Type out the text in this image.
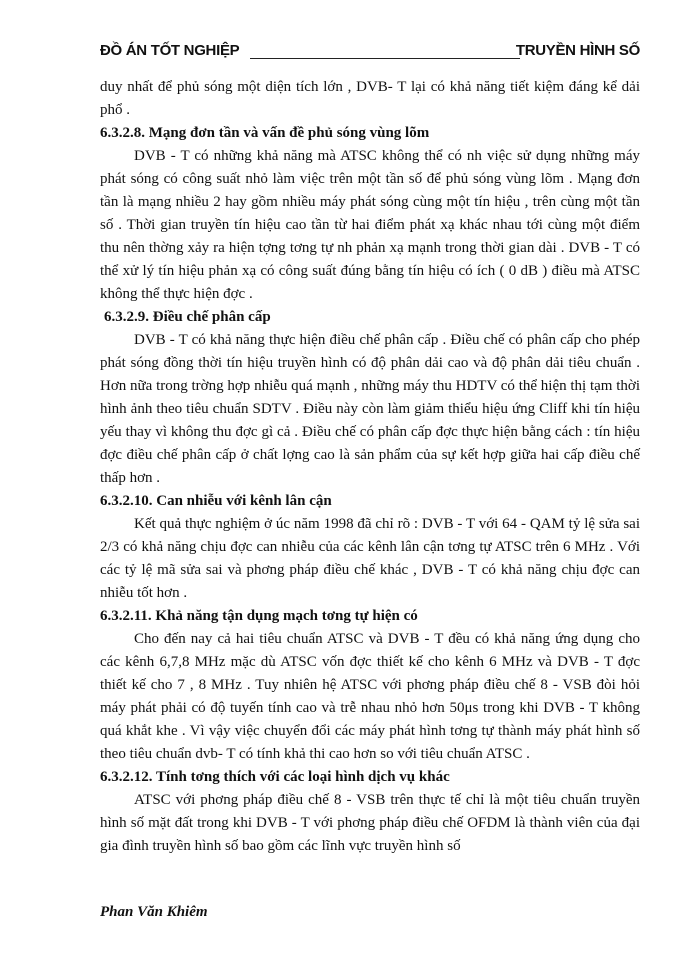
ĐỒ ÁN TỐT NGHIỆP	TRUYỀN HÌNH SỐ

duy nhất để phủ sóng một diện tích lớn , DVB- T lại có khả năng tiết kiệm đáng kể dải phổ .

6.3.2.8. Mạng đơn tần và vấn đề phủ sóng vùng lõm

DVB - T có những khả năng mà ATSC không thể có nh việc sử dụng những máy phát sóng có công suất nhỏ làm việc trên một tần số để phủ sóng vùng lõm . Mạng đơn tần là mạng nhiều 2 hay gồm nhiều máy phát sóng cùng một tín hiệu , trên cùng một tần số . Thời gian truyền tín hiệu cao tần từ hai điểm phát xạ khác nhau tới cùng một điểm thu nên thờng xảy ra hiện tợng tơng tự nh phản xạ mạnh trong thời gian dài . DVB - T có thể xử lý tín hiệu phản xạ có công suất đúng bằng tín hiệu có ích ( 0 dB ) điều mà ATSC không thể thực hiện đợc .

6.3.2.9. Điều chế phân cấp

DVB - T có khả năng thực hiện điều chế phân cấp . Điều chế có phân cấp cho phép phát sóng đồng thời tín hiệu truyền hình có độ phân dải cao và độ phân dải tiêu chuẩn . Hơn nữa trong trờng hợp nhiễu quá mạnh , những máy thu HDTV có thể hiện thị tạm thời hình ảnh theo tiêu chuẩn SDTV . Điều này còn làm giảm thiểu hiệu ứng Cliff khi tín hiệu yếu thay vì không thu đợc gì cả . Điều chế có phân cấp đợc thực hiện bằng cách : tín hiệu đợc điều chế phân cấp ở chất lợng cao là sản phẩm của sự kết hợp giữa hai cấp điều chế thấp hơn .

6.3.2.10. Can nhiễu với kênh lân cận

Kết quả thực nghiệm ở úc năm 1998 đã chỉ rõ : DVB - T với 64 - QAM tỷ lệ sửa sai 2/3 có khả năng chịu đợc can nhiễu của các kênh lân cận tơng tự ATSC trên 6 MHz . Với các tỷ lệ mã sửa sai và phơng pháp điều chế khác , DVB - T có khả năng chịu đợc can nhiễu tốt hơn .

6.3.2.11. Khả năng tận dụng mạch tơng tự hiện có

Cho đến nay cả hai tiêu chuẩn ATSC và DVB - T đều có khả năng ứng dụng cho các kênh 6,7,8 MHz mặc dù ATSC vốn đợc thiết kế cho kênh 6 MHz và DVB - T đợc thiết kế cho 7 , 8 MHz . Tuy nhiên hệ ATSC với phơng pháp điều chế 8 - VSB đòi hỏi máy phát phải có độ tuyến tính cao và trễ nhau nhỏ hơn 50μs trong khi DVB - T không quá khắt khe . Vì vậy việc chuyển đổi các máy phát hình tơng tự thành máy phát hình số theo tiêu chuẩn dvb- T có tính khả thi cao hơn so với tiêu chuẩn ATSC .

6.3.2.12. Tính tơng thích với các loại hình dịch vụ khác

ATSC với phơng pháp điều chế 8 - VSB trên thực tế chỉ là một tiêu chuẩn truyền hình số mặt đất trong khi DVB - T với phơng pháp điều chế OFDM là thành viên của đại gia đình truyền hình số bao gồm các lĩnh vực truyền hình số

Phan Văn Khiêm
